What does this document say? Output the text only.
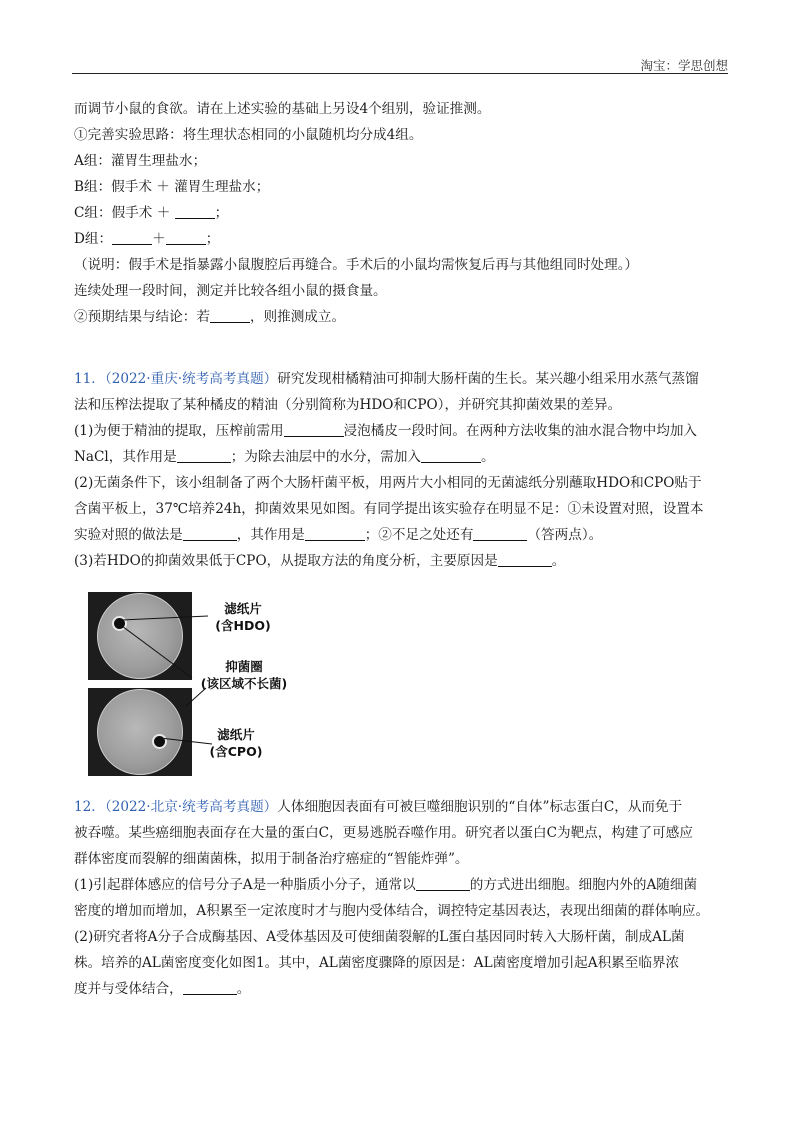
淘宝：学思创想
而调节小鼠的食欲。请在上述实验的基础上另设4个组别，验证推测。
①完善实验思路：将生理状态相同的小鼠随机均分成4组。
A组：灌胃生理盐水；
B组：假手术 ＋ 灌胃生理盐水；
C组：假手术 ＋	；
D组：	＋	；
（说明：假手术是指暴露小鼠腹腔后再缝合。手术后的小鼠均需恢复后再与其他组同时处理。）
连续处理一段时间，测定并比较各组小鼠的摄食量。
②预期结果与结论：若	，则推测成立。
11．（2022·重庆·统考高考真题）研究发现柑橘精油可抑制大肠杆菌的生长。某兴趣小组采用水蒸气蒸馏
法和压榨法提取了某种橘皮的精油（分别简称为HDO和CPO），并研究其抑菌效果的差异。
(1)为便于精油的提取，压榨前需用	浸泡橘皮一段时间。在两种方法收集的油水混合物中均加入
NaCl，其作用是	；为除去油层中的水分，需加入	。
(2)无菌条件下，该小组制备了两个大肠杆菌平板，用两片大小相同的无菌滤纸分别蘸取HDO和CPO贴于
含菌平板上，37℃培养24h，抑菌效果见如图。有同学提出该实验存在明显不足：①未设置对照，设置本
实验对照的做法是	，其作用是	；②不足之处还有	（答两点）。
(3)若HDO的抑菌效果低于CPO，从提取方法的角度分析，主要原因是	。
滤纸片
(含HDO)
抑菌圈
(该区域不长菌)
滤纸片
(含CPO)
12．（2022·北京·统考高考真题）人体细胞因表面有可被巨噬细胞识别的“自体”标志蛋白C，从而免于
被吞噬。某些癌细胞表面存在大量的蛋白C，更易逃脱吞噬作用。研究者以蛋白C为靶点，构建了可感应
群体密度而裂解的细菌菌株，拟用于制备治疗癌症的“智能炸弹”。
(1)引起群体感应的信号分子A是一种脂质小分子，通常以	的方式进出细胞。细胞内外的A随细菌
密度的增加而增加，A积累至一定浓度时才与胞内受体结合，调控特定基因表达，表现出细菌的群体响应。
(2)研究者将A分子合成酶基因、A受体基因及可使细菌裂解的L蛋白基因同时转入大肠杆菌，制成AL菌
株。培养的AL菌密度变化如图1。其中，AL菌密度骤降的原因是：AL菌密度增加引起A积累至临界浓
度并与受体结合，	。
